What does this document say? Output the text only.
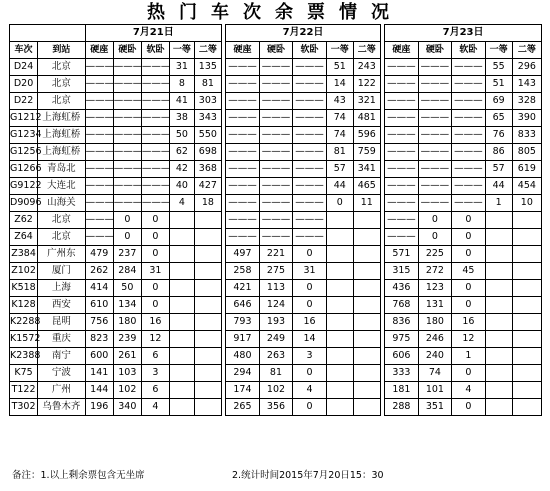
热门车次余票情况
		7月21日						7月22日						7月23日				
车次	到站	硬座	硬卧	软卧	一等	二等		硬座	硬卧	软卧	一等	二等		硬座	硬卧	软卧	一等	二等
D24	北京	———	———	———	31	135		———	———	———	51	243		———	———	———	55	296
D20	北京	———	———	———	8	81		———	———	———	14	122		———	———	———	51	143
D22	北京	———	———	———	41	303		———	———	———	43	321		———	———	———	69	328
G1212	上海虹桥	———	———	———	38	343		———	———	———	74	481		———	———	———	65	390
G1234	上海虹桥	———	———	———	50	550		———	———	———	74	596		———	———	———	76	833
G1256	上海虹桥	———	———	———	62	698		———	———	———	81	759		———	———	———	86	805
G1266	青岛北	———	———	———	42	368		———	———	———	57	341		———	———	———	57	619
G9122	大连北	———	———	———	40	427		———	———	———	44	465		———	———	———	44	454
D9096	山海关	———	———	———	4	18		———	———	———	0	11		———	———	———	1	10
Z62	北京	———	0	0				———	———	———				———	0	0		
Z64	北京	———	0	0				———	———	———				———	0	0		
Z384	广州东	479	237	0				497	221	0				571	225	0		
Z102	厦门	262	284	31				258	275	31				315	272	45		
K518	上海	414	50	0				421	113	0				436	123	0		
K128	西安	610	134	0				646	124	0				768	131	0		
K2288	昆明	756	180	16				793	193	16				836	180	16		
K1572	重庆	823	239	12				917	249	14				975	246	12		
K2388	南宁	600	261	6				480	263	3				606	240	1		
K75	宁波	141	103	3				294	81	0				333	74	0		
T122	广州	144	102	6				174	102	4				181	101	4		
T302	乌鲁木齐	196	340	4				265	356	0				288	351	0		
备注：1.以上剩余票包含无坐席	2.统计时间2015年7月20日15：30
